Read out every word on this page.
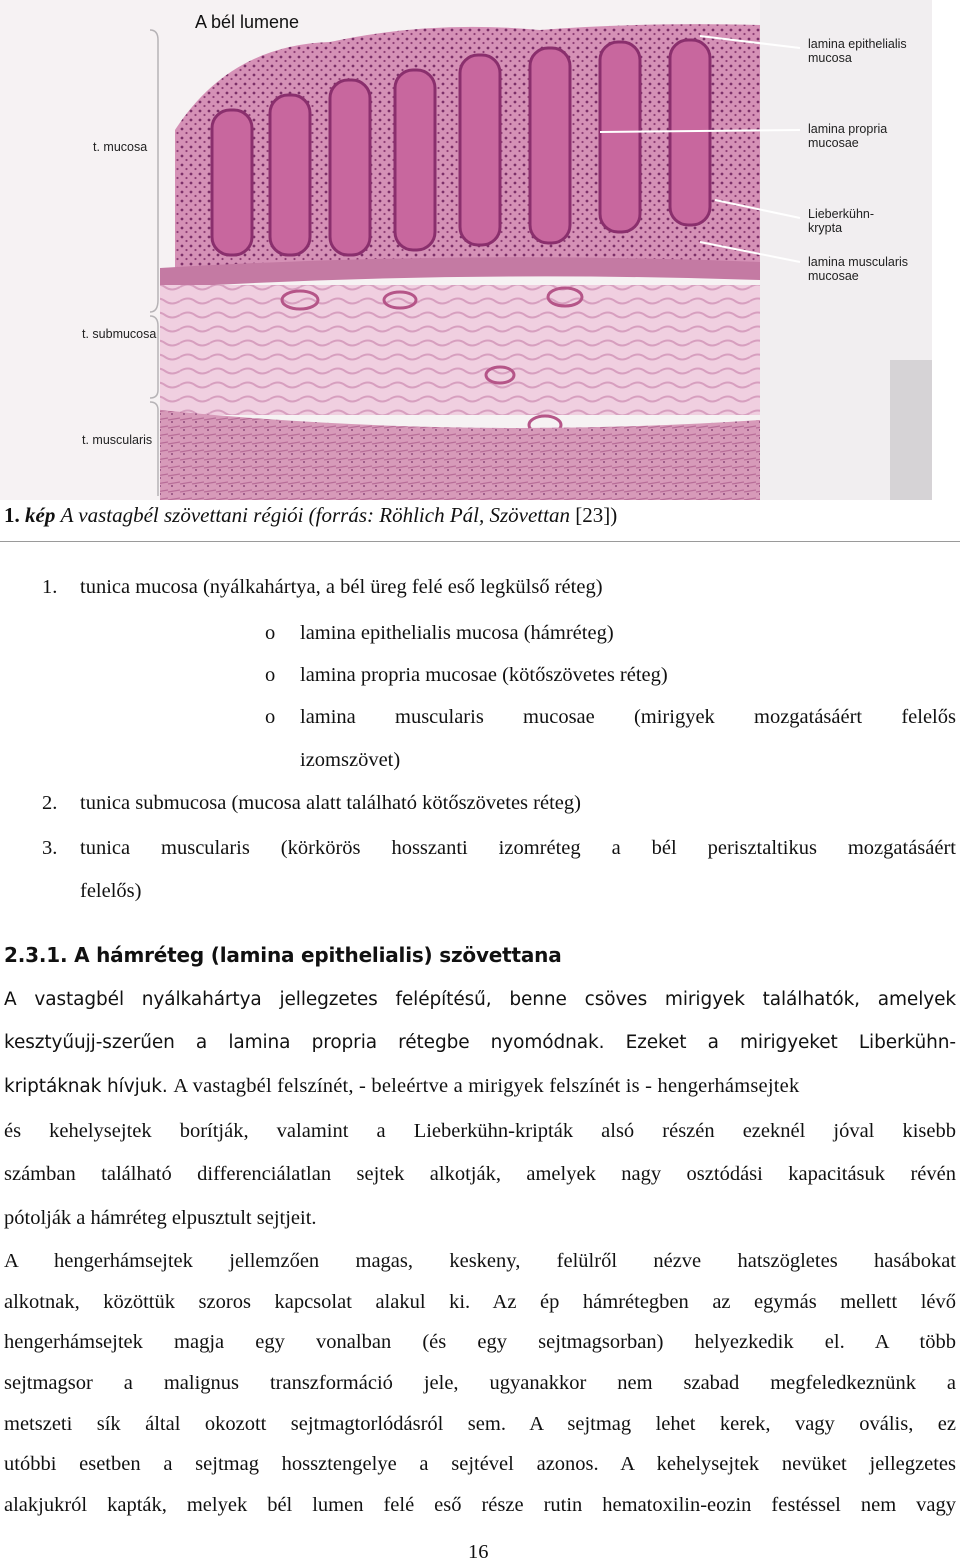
A bél lumene
t. mucosa
t. submucosa
t. muscularis
lamina epithelialis
mucosa
lamina propria
mucosae
Lieberkühn-
krypta
lamina muscularis
mucosae
1. kép A vastagbél szövettani régiói (forrás: Röhlich Pál, Szövettan [23])
1. tunica mucosa (nyálkahártya, a bél üreg felé eső legkülső réteg)
o lamina epithelialis mucosa (hámréteg)
o lamina propria mucosae (kötőszövetes réteg)
o lamina muscularis mucosae (mirigyek mozgatásáért felelős
izomszövet)
2. tunica submucosa (mucosa alatt található kötőszövetes réteg)
3. tunica muscularis (körkörös hosszanti izomréteg a bél perisztaltikus mozgatásáért
felelős)
2.3.1. A hámréteg (lamina epithelialis) szövettana
A vastagbél nyálkahártya jellegzetes felépítésű, benne csöves mirigyek találhatók, amelyek
kesztyűujj-szerűen a lamina propria rétegbe nyomódnak. Ezeket a mirigyeket Liberkühn-
kriptáknak hívjuk. A vastagbél felszínét, - beleértve a mirigyek felszínét is - hengerhámsejtek
és kehelysejtek borítják, valamint a Lieberkühn-kripták alsó részén ezeknél jóval kisebb
számban található differenciálatlan sejtek alkotják, amelyek nagy osztódási kapacitásuk révén
pótolják a hámréteg elpusztult sejtjeit.
A hengerhámsejtek jellemzően magas, keskeny, felülről nézve hatszögletes hasábokat
alkotnak, közöttük szoros kapcsolat alakul ki. Az ép hámrétegben az egymás mellett lévő
hengerhámsejtek magja egy vonalban (és egy sejtmagsorban) helyezkedik el. A több
sejtmagsor a malignus transzformáció jele, ugyanakkor nem szabad megfeledkeznünk a
metszeti sík által okozott sejtmagtorlódásról sem. A sejtmag lehet kerek, vagy ovális, ez
utóbbi esetben a sejtmag hossztengelye a sejtével azonos. A kehelysejtek nevüket jellegzetes
alakjukról kapták, melyek bél lumen felé eső része rutin hematoxilin-eozin festéssel nem vagy
16
